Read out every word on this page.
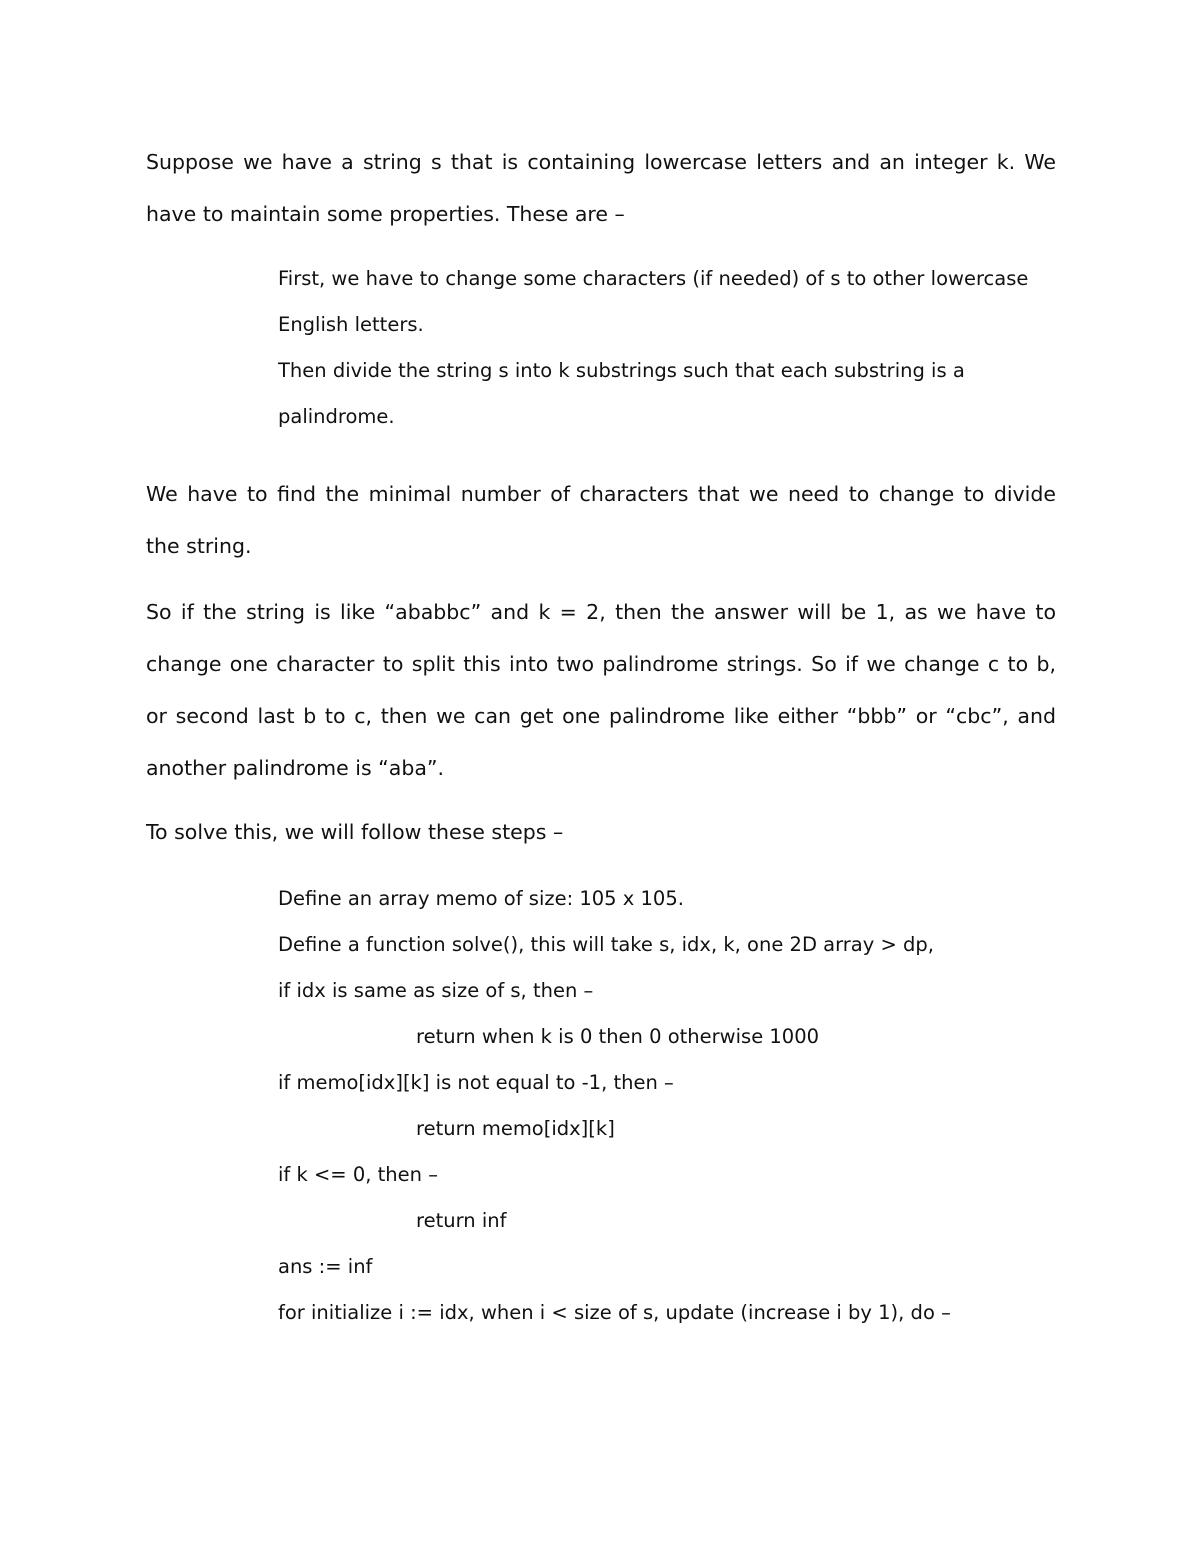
Suppose we have a string s that is containing lowercase letters and an integer k. We
have to maintain some properties. These are –
First, we have to change some characters (if needed) of s to other lowercase
English letters.
Then divide the string s into k substrings such that each substring is a
palindrome.
We have to find the minimal number of characters that we need to change to divide
the string.
So if the string is like “ababbc” and k = 2, then the answer will be 1, as we have to
change one character to split this into two palindrome strings. So if we change c to b,
or second last b to c, then we can get one palindrome like either “bbb” or “cbc”, and
another palindrome is “aba”.
To solve this, we will follow these steps –
Define an array memo of size: 105 x 105.
Define a function solve(), this will take s, idx, k, one 2D array > dp,
if idx is same as size of s, then –
return when k is 0 then 0 otherwise 1000
if memo[idx][k] is not equal to -1, then –
return memo[idx][k]
if k <= 0, then –
return inf
ans := inf
for initialize i := idx, when i < size of s, update (increase i by 1), do –
